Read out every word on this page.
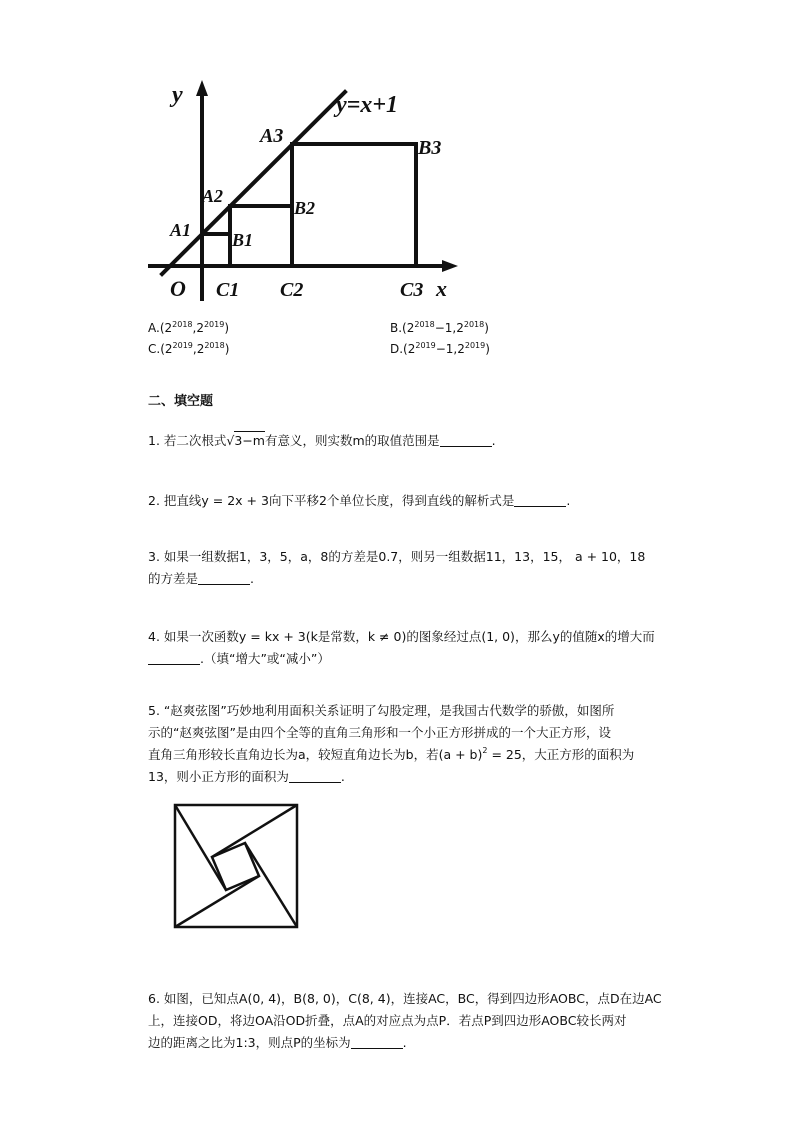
y	y=x+1
A3
B3
A2
B2
A1 B1
O C1 C2	C3 x
$A.(2^{2018},2^{2019})$	$B.(2^{2018}-1,2^{2018})$
$C.(2^{2019},2^{2018})$	$D.(2^{2019}-1,2^{2019})$
二、填空题
1. 若二次根式√3−m有意义，则实数m的取值范围是	.
2. 把直线y = 2x + 3向下平移2个单位长度，得到直线的解析式是	.
3. 如果一组数据1，3，5，a，8的方差是0.7，则另一组数据11，13，15， a + 10，18
的方差是	.
4. 如果一次函数y = kx + 3(k是常数，k ≠ 0)的图象经过点(1, 0)，那么y的值随x的增大而
.（填“增大”或“减小”）
5. “赵爽弦图”巧妙地利用面积关系证明了勾股定理，是我国古代数学的骄傲，如图所
示的“赵爽弦图”是由四个全等的直角三角形和一个小正方形拼成的一个大正方形，设
直角三角形较长直角边长为a，较短直角边长为b，若$(a + b)^2 = 25$，大正方形的面积为
13，则小正方形的面积为	.
6. 如图，已知点A(0, 4)，B(8, 0)，C(8, 4)，连接AC，BC，得到四边形AOBC，点D在边AC
上，连接OD，将边OA沿OD折叠，点A的对应点为点P．若点P到四边形AOBC较长两对
边的距离之比为1:3，则点P的坐标为	.
